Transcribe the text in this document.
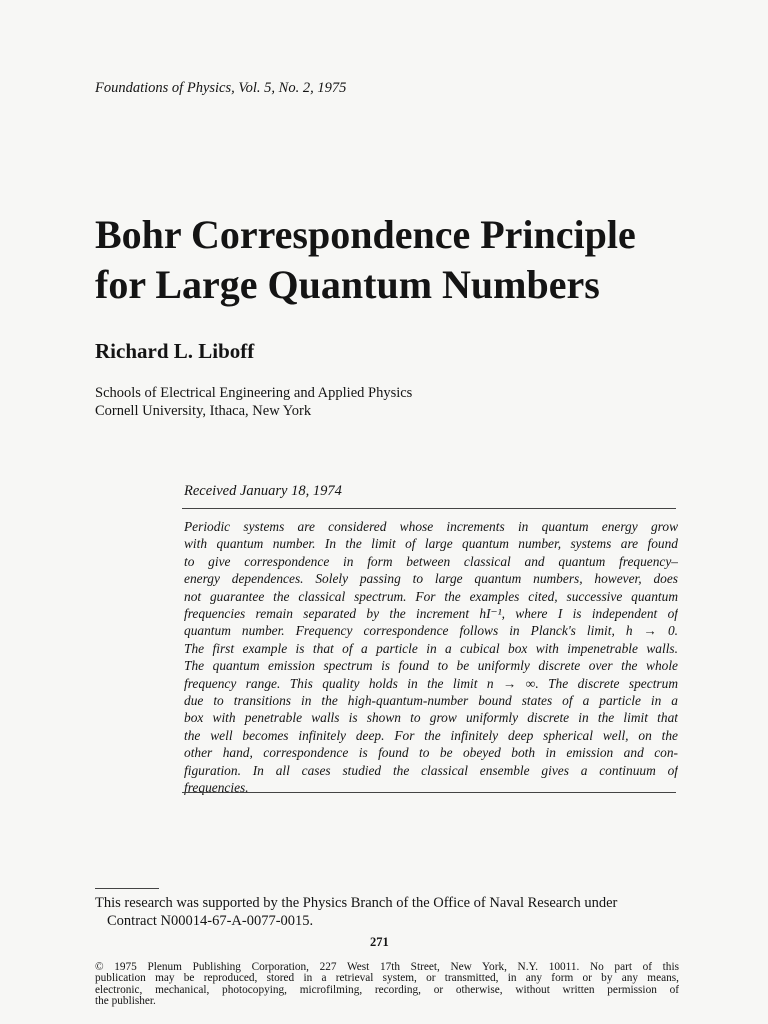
Foundations of Physics, Vol. 5, No. 2, 1975
Bohr Correspondence Principle
for Large Quantum Numbers
Richard L. Liboff
Schools of Electrical Engineering and Applied Physics
Cornell University, Ithaca, New York
Received January 18, 1974
Periodic systems are considered whose increments in quantum energy grow
with quantum number. In the limit of large quantum number, systems are found
to give correspondence in form between classical and quantum frequency–
energy dependences. Solely passing to large quantum numbers, however, does
not guarantee the classical spectrum. For the examples cited, successive quantum
frequencies remain separated by the increment hI⁻¹, where I is independent of
quantum number. Frequency correspondence follows in Planck's limit, h → 0.
The first example is that of a particle in a cubical box with impenetrable walls.
The quantum emission spectrum is found to be uniformly discrete over the whole
frequency range. This quality holds in the limit n → ∞. The discrete spectrum
due to transitions in the high-quantum-number bound states of a particle in a
box with penetrable walls is shown to grow uniformly discrete in the limit that
the well becomes infinitely deep. For the infinitely deep spherical well, on the
other hand, correspondence is found to be obeyed both in emission and con-
figuration. In all cases studied the classical ensemble gives a continuum of
frequencies.
This research was supported by the Physics Branch of the Office of Naval Research under
Contract N00014-67-A-0077-0015.
271
© 1975 Plenum Publishing Corporation, 227 West 17th Street, New York, N.Y. 10011. No part of this
publication may be reproduced, stored in a retrieval system, or transmitted, in any form or by any means,
electronic, mechanical, photocopying, microfilming, recording, or otherwise, without written permission of
the publisher.
